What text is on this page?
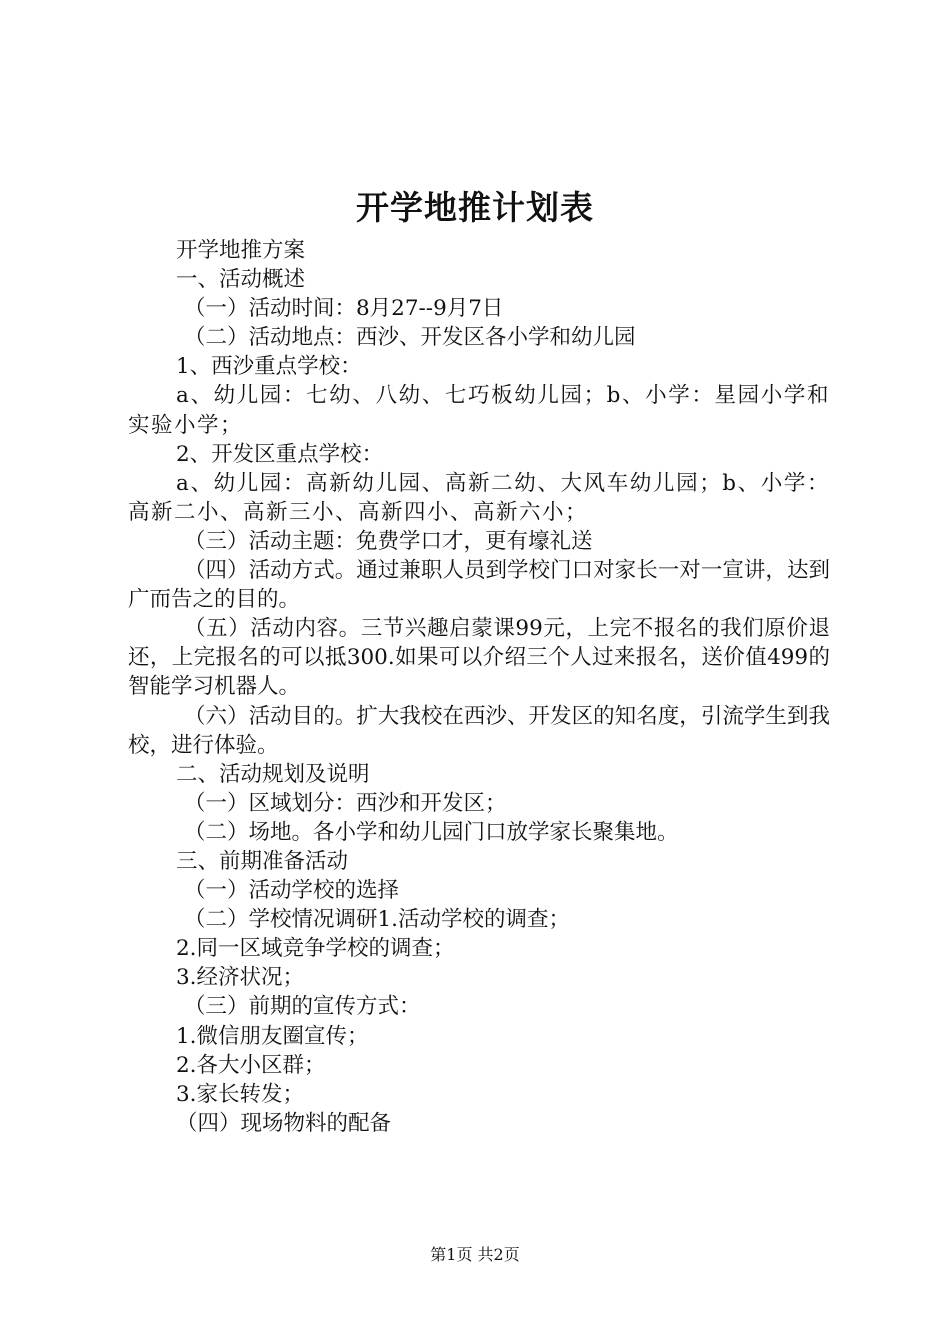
开学地推计划表

开学地推方案

一、活动概述

（一）活动时间：8月27--9月7日

（二）活动地点：西沙、开发区各小学和幼儿园

1、西沙重点学校：

a、幼儿园：七幼、八幼、七巧板幼儿园；b、小学：星园小学和实验小学；

2、开发区重点学校：

a、幼儿园：高新幼儿园、高新二幼、大风车幼儿园；b、小学：高新二小、高新三小、高新四小、高新六小；

（三）活动主题：免费学口才，更有壕礼送

（四）活动方式。通过兼职人员到学校门口对家长一对一宣讲，达到广而告之的目的。

（五）活动内容。三节兴趣启蒙课99元，上完不报名的我们原价退还，上完报名的可以抵300.如果可以介绍三个人过来报名，送价值499的智能学习机器人。

（六）活动目的。扩大我校在西沙、开发区的知名度，引流学生到我校，进行体验。

二、活动规划及说明

（一）区域划分：西沙和开发区；

（二）场地。各小学和幼儿园门口放学家长聚集地。

三、前期准备活动

（一）活动学校的选择

（二）学校情况调研1.活动学校的调查；

2.同一区域竞争学校的调查；

3.经济状况；

（三）前期的宣传方式：

1.微信朋友圈宣传；

2.各大小区群；

3.家长转发；

（四）现场物料的配备

第1页 共2页
